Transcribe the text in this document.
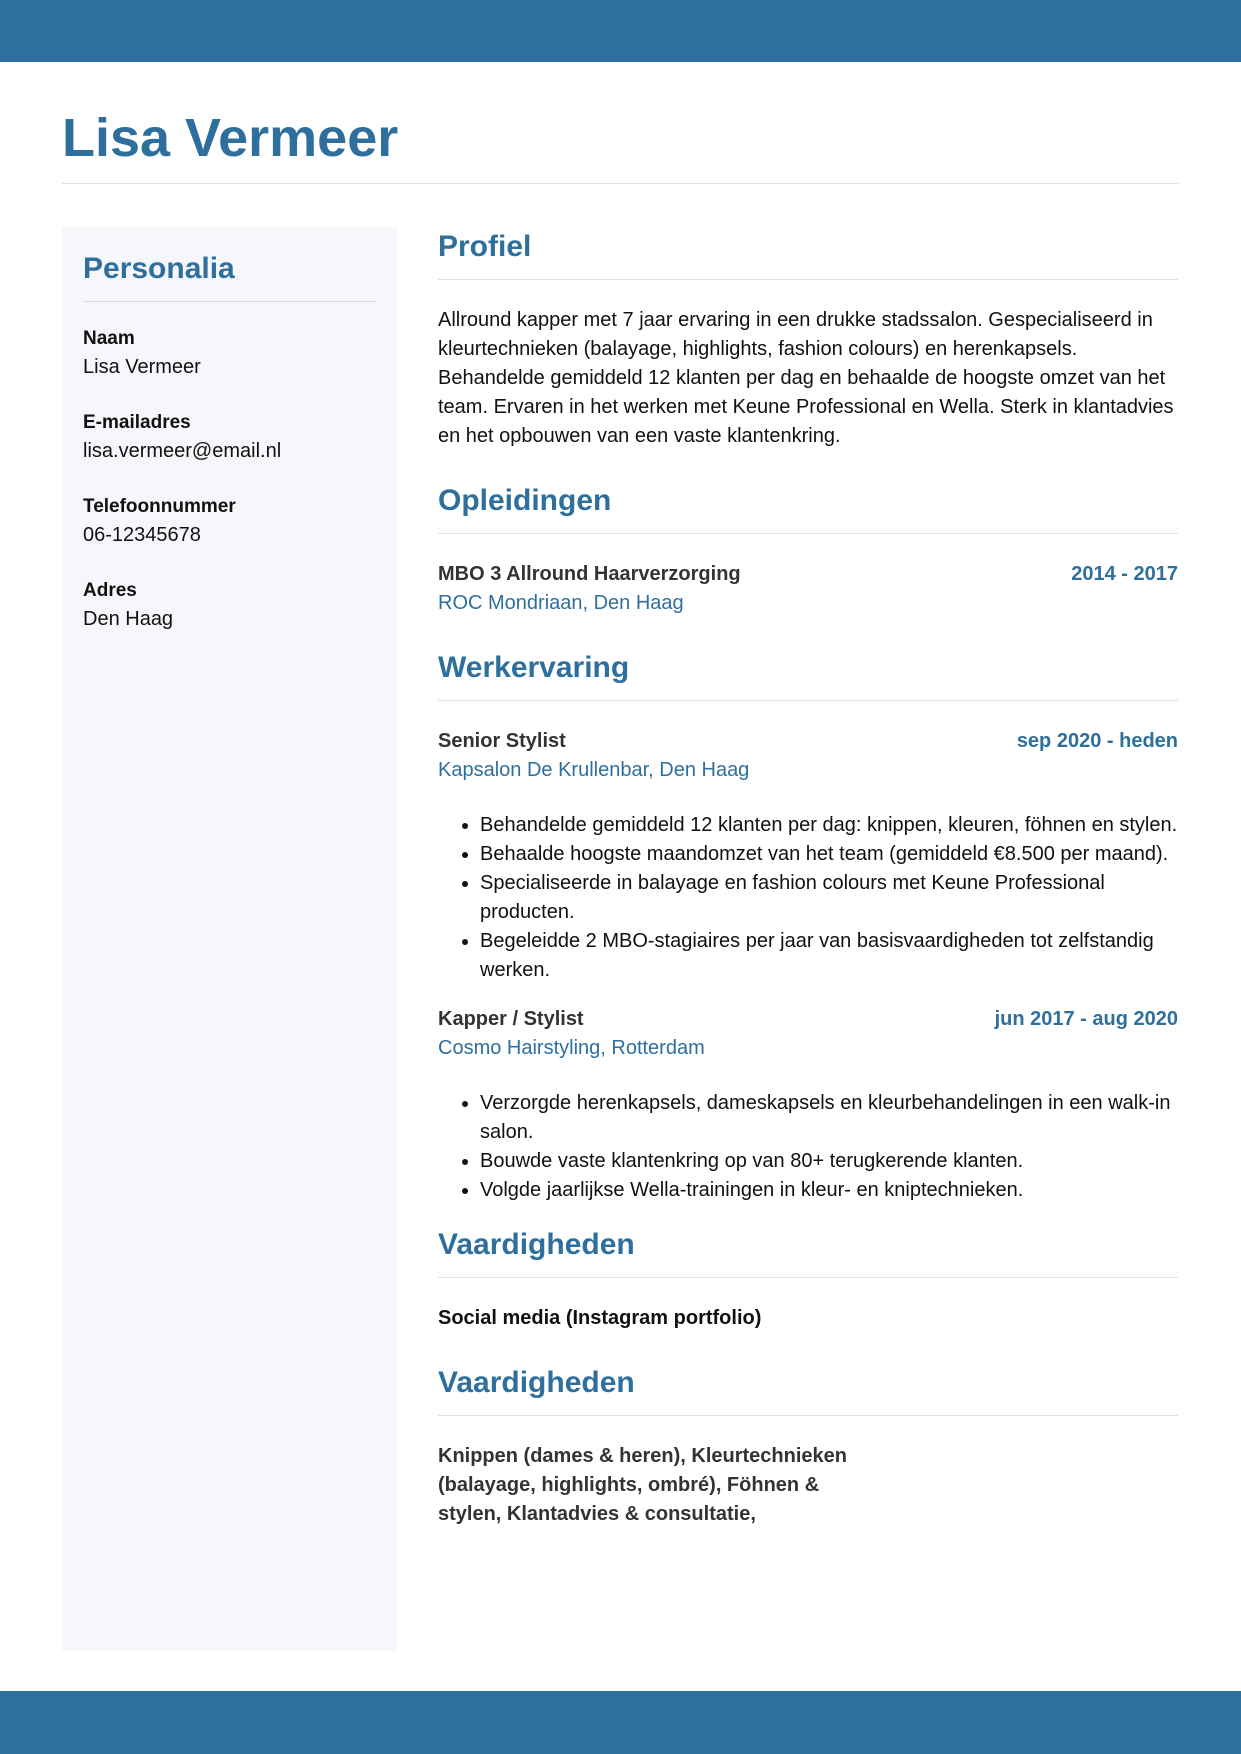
Lisa Vermeer
Personalia
Naam
Lisa Vermeer
E-mailadres
lisa.vermeer@email.nl
Telefoonnummer
06-12345678
Adres
Den Haag
Profiel

Allround kapper met 7 jaar ervaring in een drukke stadssalon. Gespecialiseerd in kleurtechnieken (balayage, highlights, fashion colours) en herenkapsels. Behandelde gemiddeld 12 klanten per dag en behaalde de hoogste omzet van het team. Ervaren in het werken met Keune Professional en Wella. Sterk in klantadvies en het opbouwen van een vaste klantenkring.

Opleidingen
MBO 3 Allround Haarverzorging	2014 - 2017
ROC Mondriaan, Den Haag
Werkervaring
Senior Stylist	sep 2020 - heden
Kapsalon De Krullenbar, Den Haag
• Behandelde gemiddeld 12 klanten per dag: knippen, kleuren, föhnen en stylen.
• Behaalde hoogste maandomzet van het team (gemiddeld €8.500 per maand).
• Specialiseerde in balayage en fashion colours met Keune Professional producten.
• Begeleidde 2 MBO-stagiaires per jaar van basisvaardigheden tot zelfstandig werken.
Kapper / Stylist	jun 2017 - aug 2020
Cosmo Hairstyling, Rotterdam
• Verzorgde herenkapsels, dameskapsels en kleurbehandelingen in een walk-in salon.
• Bouwde vaste klantenkring op van 80+ terugkerende klanten.
• Volgde jaarlijkse Wella-trainingen in kleur- en kniptechnieken.
Vaardigheden
Social media (Instagram portfolio)
Vaardigheden
Knippen (dames & heren), Kleurtechnieken (balayage, highlights, ombré), Föhnen & stylen, Klantadvies & consultatie,
